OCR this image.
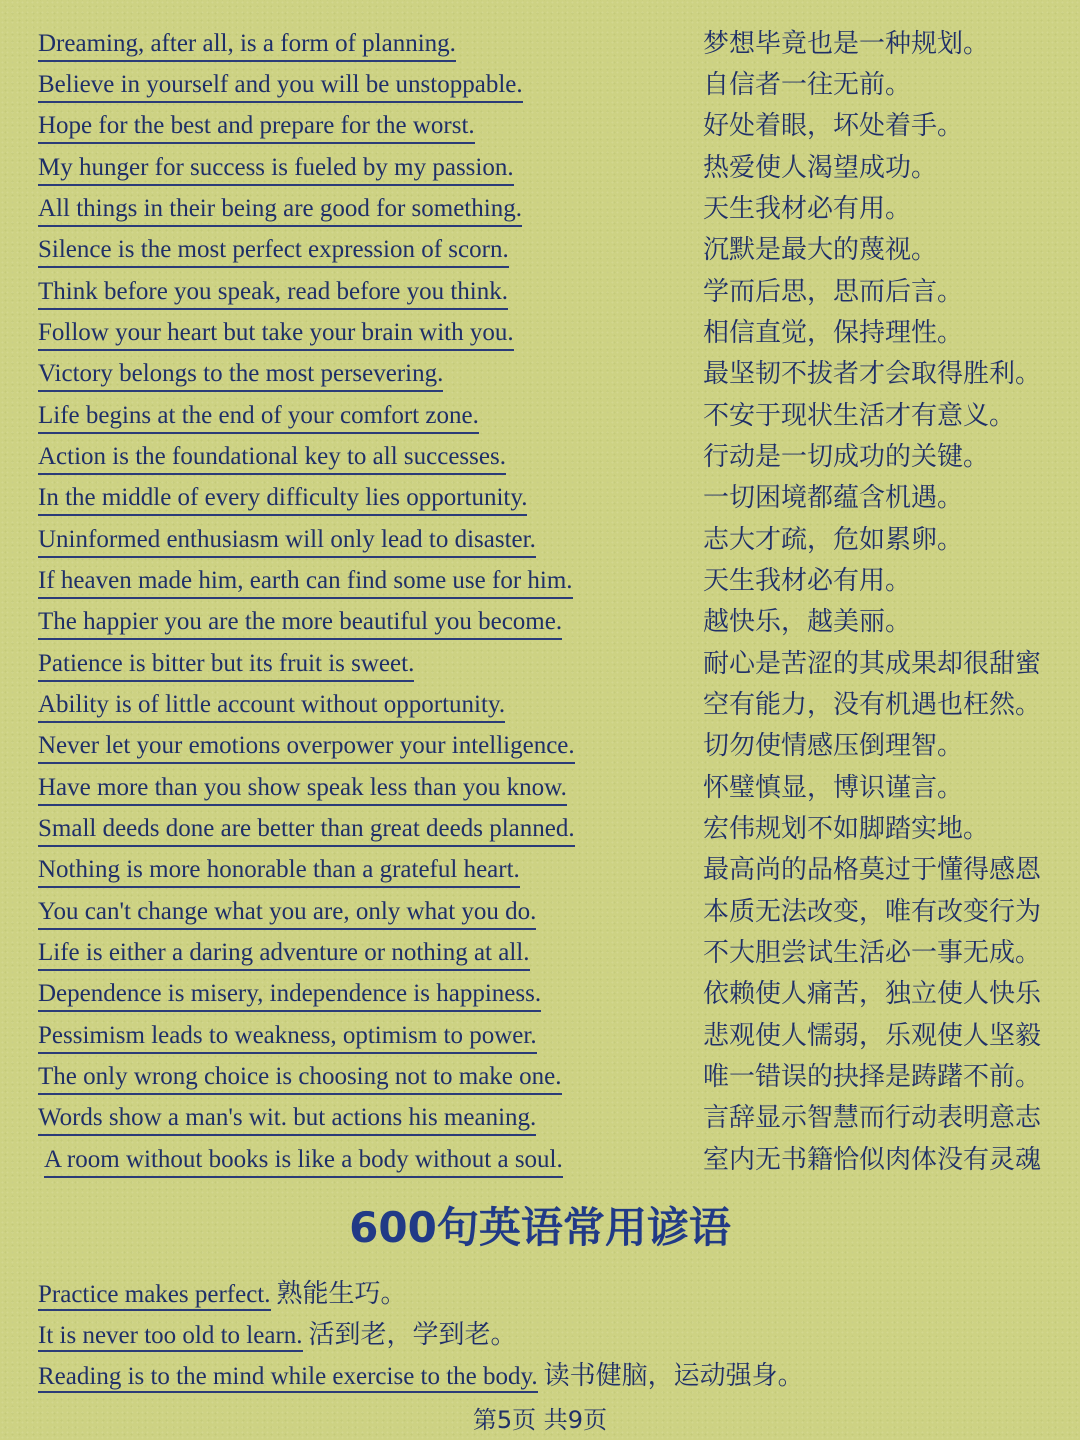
Dreaming, after all, is a form of planning.	梦想毕竟也是一种规划。
Believe in yourself and you will be unstoppable.	自信者一往无前。
Hope for the best and prepare for the worst.	好处着眼，坏处着手。
My hunger for success is fueled by my passion.	热爱使人渴望成功。
All things in their being are good for something.	天生我材必有用。
Silence is the most perfect expression of scorn.	沉默是最大的蔑视。
Think before you speak, read before you think.	学而后思，思而后言。
Follow your heart but take your brain with you.	相信直觉，保持理性。
Victory belongs to the most persevering.	最坚韧不拔者才会取得胜利。
Life begins at the end of your comfort zone.	不安于现状生活才有意义。
Action is the foundational key to all successes.	行动是一切成功的关键。
In the middle of every difficulty lies opportunity.	一切困境都蕴含机遇。
Uninformed enthusiasm will only lead to disaster.	志大才疏，危如累卵。
If heaven made him, earth can find some use for him.	天生我材必有用。
The happier you are the more beautiful you become.	越快乐，越美丽。
Patience is bitter but its fruit is sweet.	耐心是苦涩的其成果却很甜蜜
Ability is of little account without opportunity.	空有能力，没有机遇也枉然。
Never let your emotions overpower your intelligence.	切勿使情感压倒理智。
Have more than you show speak less than you know.	怀璧慎显，博识谨言。
Small deeds done are better than great deeds planned.	宏伟规划不如脚踏实地。
Nothing is more honorable than a grateful heart.	最高尚的品格莫过于懂得感恩
You can't change what you are, only what you do.	本质无法改变，唯有改变行为
Life is either a daring adventure or nothing at all.	不大胆尝试生活必一事无成。
Dependence is misery, independence is happiness.	依赖使人痛苦，独立使人快乐
Pessimism leads to weakness, optimism to power.	悲观使人懦弱，乐观使人坚毅
The only wrong choice is choosing not to make one.	唯一错误的抉择是踌躇不前。
Words show a man's wit. but actions his meaning.	言辞显示智慧而行动表明意志
A room without books is like a body without a soul.	室内无书籍恰似肉体没有灵魂
600句英语常用谚语
Practice makes perfect. 熟能生巧。
It is never too old to learn. 活到老，学到老。
Reading is to the mind while exercise to the body. 读书健脑，运动强身。
第5页 共9页
